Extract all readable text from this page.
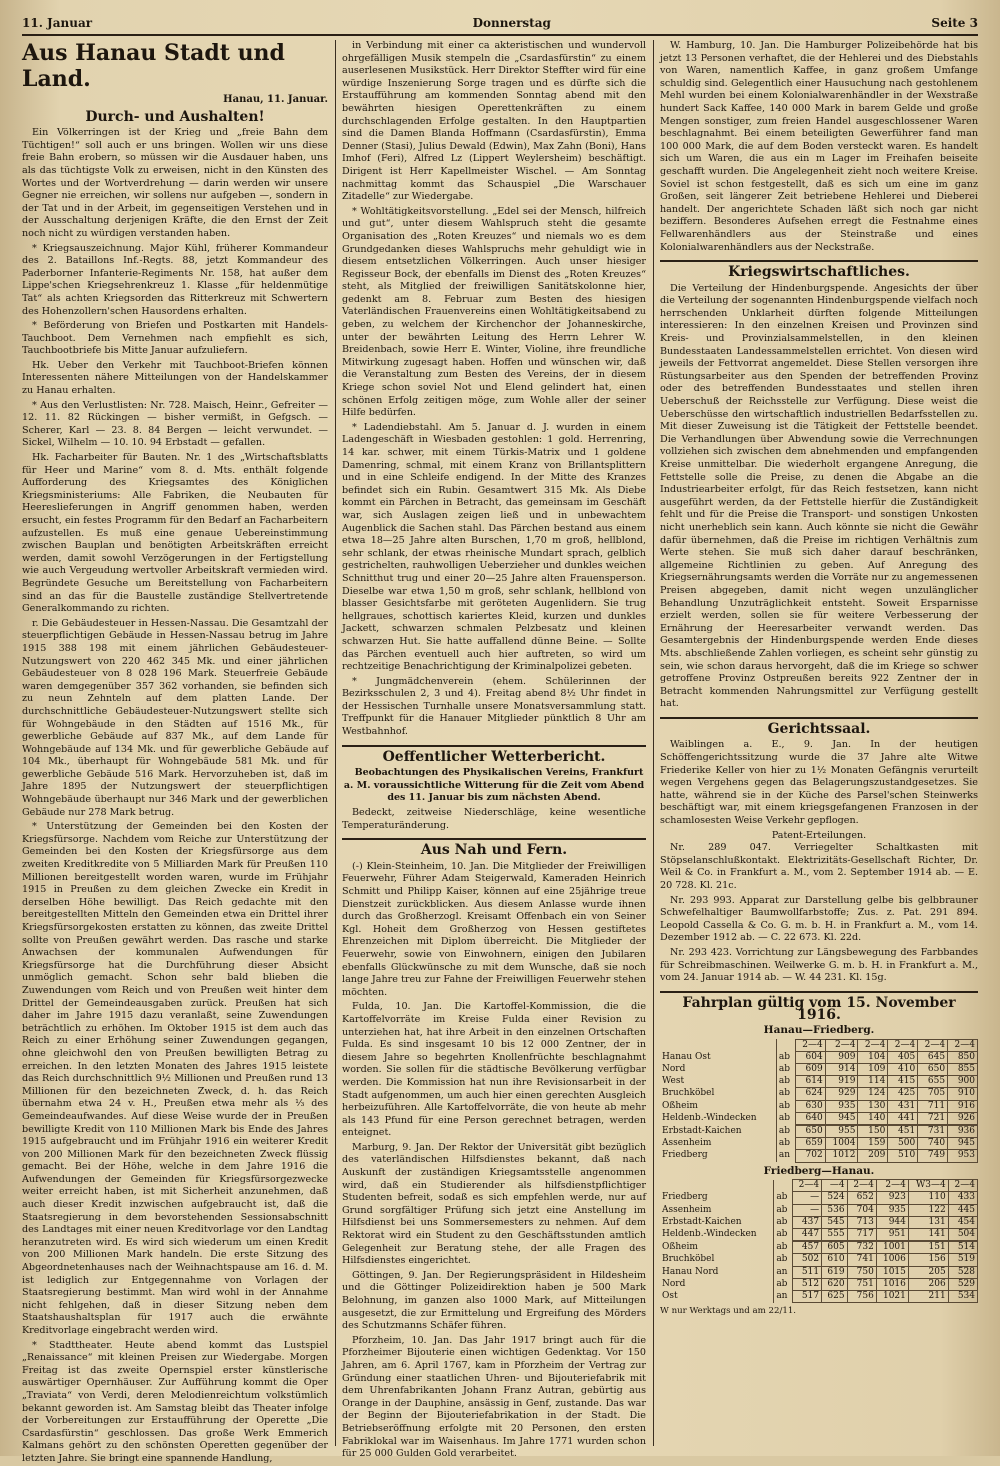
11. Januar	Donnerstag	Seite 3
Aus Hanau Stadt und Land.
Hanau, 11. Januar.
Durch- und Aushalten!

Ein Völkerringen ist der Krieg und „freie Bahn dem Tüchtigen!“ soll auch er uns bringen. Wollen wir uns diese freie Bahn erobern, so müssen wir die Ausdauer haben, uns als das tüchtigste Volk zu erweisen, nicht in den Künsten des Wortes und der Wortverdrehung — darin werden wir unsere Gegner nie erreichen, wir sollens nur aufgeben —, sondern in der Tat und in der Arbeit, im gegenseitigen Verstehen und in der Ausschaltung derjenigen Kräfte, die den Ernst der Zeit noch nicht zu würdigen verstanden haben.

* Kriegsauszeichnung. Major Kühl, früherer Kommandeur des 2. Bataillons Inf.-Regts. 88, jetzt Kommandeur des Paderborner Infanterie-Regiments Nr. 158, hat außer dem Lippe'schen Kriegsehrenkreuz 1. Klasse „für heldenmütige Tat“ als achten Kriegsorden das Ritterkreuz mit Schwertern des Hohenzollern'schen Hausordens erhalten.

* Beförderung von Briefen und Postkarten mit Handels-Tauchboot. Dem Vernehmen nach empfiehlt es sich, Tauchbootbriefe bis Mitte Januar aufzuliefern.

Hk. Ueber den Verkehr mit Tauchboot-Briefen können Interessenten nähere Mitteilungen von der Handelskammer zu Hanau erhalten.

* Aus den Verlustlisten: Nr. 728. Maisch, Heinr., Gefreiter — 12. 11. 82 Rückingen — bisher vermißt, in Gefgsch. — Scherer, Karl — 23. 8. 84 Bergen — leicht verwundet. — Sickel, Wilhelm — 10. 10. 94 Erbstadt — gefallen.

Hk. Facharbeiter für Bauten. Nr. 1 des „Wirtschaftsblatts für Heer und Marine“ vom 8. d. Mts. enthält folgende Aufforderung des Kriegsamtes des Königlichen Kriegsministeriums: Alle Fabriken, die Neubauten für Heereslieferungen in Angriff genommen haben, werden ersucht, ein festes Programm für den Bedarf an Facharbeitern aufzustellen. Es muß eine genaue Uebereinstimmung zwischen Bauplan und benötigten Arbeitskräften erreicht werden, damit sowohl Verzögerungen in der Fertigstellung wie auch Vergeudung wertvoller Arbeitskraft vermieden wird. Begründete Gesuche um Bereitstellung von Facharbeitern sind an das für die Baustelle zuständige Stellvertretende Generalkommando zu richten.

r. Die Gebäudesteuer in Hessen-Nassau. Die Gesamtzahl der steuerpflichtigen Gebäude in Hessen-Nassau betrug im Jahre 1915 388 198 mit einem jährlichen Gebäudesteuer-Nutzungswert von 220 462 345 Mk. und einer jährlichen Gebäudesteuer von 8 028 196 Mark. Steuerfreie Gebäude waren demgegenüber 357 362 vorhanden, sie befinden sich zu neun Zehnteln auf dem platten Lande. Der durchschnittliche Gebäudesteuer-Nutzungswert stellte sich für Wohngebäude in den Städten auf 1516 Mk., für gewerbliche Gebäude auf 837 Mk., auf dem Lande für Wohngebäude auf 134 Mk. und für gewerbliche Gebäude auf 104 Mk., überhaupt für Wohngebäude 581 Mk. und für gewerbliche Gebäude 516 Mark. Hervorzuheben ist, daß im Jahre 1895 der Nutzungswert der steuerpflichtigen Wohngebäude überhaupt nur 346 Mark und der gewerblichen Gebäude nur 278 Mark betrug.

* Unterstützung der Gemeinden bei den Kosten der Kriegsfürsorge. Nachdem vom Reiche zur Unterstützung der Gemeinden bei den Kosten der Kriegsfürsorge aus dem zweiten Kreditkredite von 5 Milliarden Mark für Preußen 110 Millionen bereitgestellt worden waren, wurde im Frühjahr 1915 in Preußen zu dem gleichen Zwecke ein Kredit in derselben Höhe bewilligt. Das Reich gedachte mit den bereitgestellten Mitteln den Gemeinden etwa ein Drittel ihrer Kriegsfürsorgekosten erstatten zu können, das zweite Drittel sollte von Preußen gewährt werden. Das rasche und starke Anwachsen der kommunalen Aufwendungen für Kriegsfürsorge hat die Durchführung dieser Absicht unmöglich gemacht. Schon sehr bald blieben die Zuwendungen vom Reich und von Preußen weit hinter dem Drittel der Gemeindeausgaben zurück. Preußen hat sich daher im Jahre 1915 dazu veranlaßt, seine Zuwendungen beträchtlich zu erhöhen. Im Oktober 1915 ist dem auch das Reich zu einer Erhöhung seiner Zuwendungen gegangen, ohne gleichwohl den von Preußen bewilligten Betrag zu erreichen. In den letzten Monaten des Jahres 1915 leistete das Reich durchschnittlich 9½ Millionen und Preußen rund 13 Millionen für den bezeichneten Zweck, d. h. das Reich übernahm etwa 24 v. H., Preußen etwa mehr als ⅓ des Gemeindeaufwandes. Auf diese Weise wurde der in Preußen bewilligte Kredit von 110 Millionen Mark bis Ende des Jahres 1915 aufgebraucht und im Frühjahr 1916 ein weiterer Kredit von 200 Millionen Mark für den bezeichneten Zweck flüssig gemacht. Bei der Höhe, welche in dem Jahre 1916 die Aufwendungen der Gemeinden für Kriegsfürsorgezwecke weiter erreicht haben, ist mit Sicherheit anzunehmen, daß auch dieser Kredit inzwischen aufgebraucht ist, daß die Staatsregierung in dem bevorstehenden Sessionsabschnitt des Landtages mit einer neuen Kreditvorlage vor den Landtag heranzutreten wird. Es wird sich wiederum um einen Kredit von 200 Millionen Mark handeln. Die erste Sitzung des Abgeordnetenhauses nach der Weihnachtspause am 16. d. M. ist lediglich zur Entgegennahme von Vorlagen der Staatsregierung bestimmt. Man wird wohl in der Annahme nicht fehlgehen, daß in dieser Sitzung neben dem Staatshaushaltsplan für 1917 auch die erwähnte Kreditvorlage eingebracht werden wird.

* Stadttheater. Heute abend kommt das Lustspiel „Renaissance“ mit kleinen Preisen zur Wiedergabe. Morgen Freitag ist das zweite Opernspiel erster künstlerische auswärtiger Opernhäuser. Zur Aufführung kommt die Oper „Traviata“ von Verdi, deren Melodienreichtum volkstümlich bekannt geworden ist. Am Samstag bleibt das Theater infolge der Vorbereitungen zur Erstaufführung der Operette „Die Csardasfürstin“ geschlossen. Das große Werk Emmerich Kalmans gehört zu den schönsten Operetten gegenüber der letzten Jahre. Sie bringt eine spannende Handlung,

in Verbindung mit einer ca akteristischen und wundervoll ohrgefälligen Musik stempeln die „Csardasfürstin“ zu einem auserlesenen Musikstück. Herr Direktor Steffter wird für eine würdige Inszenierung Sorge tragen und es dürfte sich die Erstaufführung am kommenden Sonntag abend mit den bewährten hiesigen Operettenkräften zu einem durchschlagenden Erfolge gestalten. In den Hauptpartien sind die Damen Blanda Hoffmann (Csardasfürstin), Emma Denner (Stasi), Julius Dewald (Edwin), Max Zahn (Boni), Hans Imhof (Feri), Alfred Lz (Lippert Weylersheim) beschäftigt. Dirigent ist Herr Kapellmeister Wischel. — Am Sonntag nachmittag kommt das Schauspiel „Die Warschauer Zitadelle“ zur Wiedergabe.

* Wohltätigkeitsvorstellung. „Edel sei der Mensch, hilfreich und gut“, unter diesem Wahlspruch steht die gesamte Organisation des „Roten Kreuzes“ und niemals wo es dem Grundgedanken dieses Wahlspruchs mehr gehuldigt wie in diesem entsetzlichen Völkerringen. Auch unser hiesiger Regisseur Bock, der ebenfalls im Dienst des „Roten Kreuzes“ steht, als Mitglied der freiwilligen Sanitätskolonne hier, gedenkt am 8. Februar zum Besten des hiesigen Vaterländischen Frauenvereins einen Wohltätigkeitsabend zu geben, zu welchem der Kirchenchor der Johanneskirche, unter der bewährten Leitung des Herrn Lehrer W. Breidenbach, sowie Herr E. Winter, Violine, ihre freundliche Mitwirkung zugesagt haben. Hoffen und wünschen wir, daß die Veranstaltung zum Besten des Vereins, der in diesem Kriege schon soviel Not und Elend gelindert hat, einen schönen Erfolg zeitigen möge, zum Wohle aller der seiner Hilfe bedürfen.

* Ladendiebstahl. Am 5. Januar d. J. wurden in einem Ladengeschäft in Wiesbaden gestohlen: 1 gold. Herrenring, 14 kar. schwer, mit einem Türkis-Matrix und 1 goldene Damenring, schmal, mit einem Kranz von Brillantsplittern und in eine Schleife endigend. In der Mitte des Kranzes befindet sich ein Rubin. Gesamtwert 315 Mk. Als Diebe kommt ein Pärchen in Betracht, das gemeinsam im Geschäft war, sich Auslagen zeigen ließ und in unbewachtem Augenblick die Sachen stahl. Das Pärchen bestand aus einem etwa 18—25 Jahre alten Burschen, 1,70 m groß, hellblond, sehr schlank, der etwas rheinische Mundart sprach, gelblich gestrichelten, rauhwolligen Ueberzieher und dunkles weichen Schnitthut trug und einer 20—25 Jahre alten Frauensperson. Dieselbe war etwa 1,50 m groß, sehr schlank, hellblond von blasser Gesichtsfarbe mit geröteten Augenlidern. Sie trug hellgraues, schottisch kariertes Kleid, kurzen und dunkles Jackett, schwarzen schmalen Pelzbesatz und kleinen schwarzen Hut. Sie hatte auffallend dünne Beine. — Sollte das Pärchen eventuell auch hier auftreten, so wird um rechtzeitige Benachrichtigung der Kriminalpolizei gebeten.

* Jungmädchenverein (ehem. Schülerinnen der Bezirksschulen 2, 3 und 4). Freitag abend 8½ Uhr findet in der Hessischen Turnhalle unsere Monatsversammlung statt. Treffpunkt für die Hanauer Mitglieder pünktlich 8 Uhr am Westbahnhof.

Oeffentlicher Wetterbericht.

Beobachtungen des Physikalischen Vereins, Frankfurt a. M. voraussichtliche Witterung für die Zeit vom Abend des 11. Januar bis zum nächsten Abend.

Bedeckt, zeitweise Niederschläge, keine wesentliche Temperaturänderung.

Aus Nah und Fern.

(-) Klein-Steinheim, 10. Jan. Die Mitglieder der Freiwilligen Feuerwehr, Führer Adam Steigerwald, Kameraden Heinrich Schmitt und Philipp Kaiser, können auf eine 25jährige treue Dienstzeit zurückblicken. Aus diesem Anlasse wurde ihnen durch das Großherzogl. Kreisamt Offenbach ein von Seiner Kgl. Hoheit dem Großherzog von Hessen gestiftetes Ehrenzeichen mit Diplom überreicht. Die Mitglieder der Feuerwehr, sowie von Einwohnern, einigen den Jubilaren ebenfalls Glückwünsche zu mit dem Wunsche, daß sie noch lange Jahre treu zur Fahne der Freiwilligen Feuerwehr stehen möchten.

Fulda, 10. Jan. Die Kartoffel-Kommission, die die Kartoffelvorräte im Kreise Fulda einer Revision zu unterziehen hat, hat ihre Arbeit in den einzelnen Ortschaften Fulda. Es sind insgesamt 10 bis 12 000 Zentner, der in diesem Jahre so begehrten Knollenfrüchte beschlagnahmt worden. Sie sollen für die städtische Bevölkerung verfügbar werden. Die Kommission hat nun ihre Revisionsarbeit in der Stadt aufgenommen, um auch hier einen gerechten Ausgleich herbeizuführen. Alle Kartoffelvorräte, die von heute ab mehr als 143 Pfund für eine Person gerechnet betragen, werden enteignet.

Marburg, 9. Jan. Der Rektor der Universität gibt bezüglich des vaterländischen Hilfsdienstes bekannt, daß nach Auskunft der zuständigen Kriegsamtsstelle angenommen wird, daß ein Studierender als hilfsdienstpflichtiger Studenten befreit, sodaß es sich empfehlen werde, nur auf Grund sorgfältiger Prüfung sich jetzt eine Anstellung im Hilfsdienst bei uns Sommersemesters zu nehmen. Auf dem Rektorat wird ein Student zu den Geschäftsstunden amtlich Gelegenheit zur Beratung stehe, der alle Fragen des Hilfsdienstes eingerichtet.

Göttingen, 9. Jan. Der Regierungspräsident in Hildesheim und die Göttinger Polizeidirektion haben je 500 Mark Belohnung, im ganzen also 1000 Mark, auf Mitteilungen ausgesetzt, die zur Ermittelung und Ergreifung des Mörders des Schutzmanns Schäfer führen.

Pforzheim, 10. Jan. Das Jahr 1917 bringt auch für die Pforzheimer Bijouterie einen wichtigen Gedenktag. Vor 150 Jahren, am 6. April 1767, kam in Pforzheim der Vertrag zur Gründung einer staatlichen Uhren- und Bijouteriefabrik mit dem Uhrenfabrikanten Johann Franz Autran, gebürtig aus Orange in der Dauphine, ansässig in Genf, zustande. Das war der Beginn der Bijouteriefabrikation in der Stadt. Die Betriebseröffnung erfolgte mit 20 Personen, den ersten Fabriklokal war im Waisenhaus. Im Jahre 1771 wurden schon für 25 000 Gulden Gold verarbeitet.

W. Hamburg, 10. Jan. Die Hamburger Polizeibehörde hat bis jetzt 13 Personen verhaftet, die der Hehlerei und des Diebstahls von Waren, namentlich Kaffee, in ganz großem Umfange schuldig sind. Gelegentlich einer Hausuchung nach gestohlenem Mehl wurden bei einem Kolonialwarenhändler in der Wexstraße hundert Sack Kaffee, 140 000 Mark in barem Gelde und große Mengen sonstiger, zum freien Handel ausgeschlossener Waren beschlagnahmt. Bei einem beteiligten Gewerführer fand man 100 000 Mark, die auf dem Boden versteckt waren. Es handelt sich um Waren, die aus ein m Lager im Freihafen beiseite geschafft wurden. Die Angelegenheit zieht noch weitere Kreise. Soviel ist schon festgestellt, daß es sich um eine im ganz Großen, seit längerer Zeit betriebene Hehlerei und Dieberei handelt. Der angerichtete Schaden läßt sich noch gar nicht beziffern. Besonderes Aufsehen erregt die Festnahme eines Fellwarenhändlers aus der Steinstraße und eines Kolonialwarenhändlers aus der Neckstraße.

Kriegswirtschaftliches.

Die Verteilung der Hindenburgspende. Angesichts der über die Verteilung der sogenannten Hindenburgspende vielfach noch herrschenden Unklarheit dürften folgende Mitteilungen interessieren: In den einzelnen Kreisen und Provinzen sind Kreis- und Provinzialsammelstellen, in den kleinen Bundesstaaten Landessammelstellen errichtet. Von diesen wird jeweils der Fettvorrat angemeldet. Diese Stellen versorgen ihre Rüstungsarbeiter aus den Spenden der betreffenden Provinz oder des betreffenden Bundesstaates und stellen ihren Ueberschuß der Reichsstelle zur Verfügung. Diese weist die Ueberschüsse den wirtschaftlich industriellen Bedarfsstellen zu. Mit dieser Zuweisung ist die Tätigkeit der Fettstelle beendet. Die Verhandlungen über Abwendung sowie die Verrechnungen vollziehen sich zwischen dem abnehmenden und empfangenden Kreise unmittelbar. Die wiederholt ergangene Anregung, die Fettstelle solle die Preise, zu denen die Abgabe an die Industriearbeiter erfolgt, für das Reich festsetzen, kann nicht ausgeführt werden, da der Fettstelle hierfür die Zuständigkeit fehlt und für die Preise die Transport- und sonstigen Unkosten nicht unerheblich sein kann. Auch könnte sie nicht die Gewähr dafür übernehmen, daß die Preise im richtigen Verhältnis zum Werte stehen. Sie muß sich daher darauf beschränken, allgemeine Richtlinien zu geben. Auf Anregung des Kriegsernährungsamts werden die Vorräte nur zu angemessenen Preisen abgegeben, damit nicht wegen unzulänglicher Behandlung Unzuträglichkeit entsteht. Soweit Ersparnisse erzielt werden, sollen sie für weitere Verbesserung der Ernährung der Heeresarbeiter verwandt werden. Das Gesamtergebnis der Hindenburgspende werden Ende dieses Mts. abschließende Zahlen vorliegen, es scheint sehr günstig zu sein, wie schon daraus hervorgeht, daß die im Kriege so schwer getroffene Provinz Ostpreußen bereits 922 Zentner der in Betracht kommenden Nahrungsmittel zur Verfügung gestellt hat.

Gerichtssaal.

Waiblingen a. E., 9. Jan. In der heutigen Schöffengerichtssitzung wurde die 37 Jahre alte Witwe Friederike Keller von hier zu 1½ Monaten Gefängnis verurteilt wegen Vergehens gegen das Belagerungszustandgesetzes. Sie hatte, während sie in der Küche des Parsel'schen Steinwerks beschäftigt war, mit einem kriegsgefangenen Franzosen in der schamlosesten Weise Verkehr gepflogen.

Patent-Erteilungen.

Nr. 289 047. Verriegelter Schaltkasten mit Stöpselanschlußkontakt. Elektrizitäts-Gesellschaft Richter, Dr. Weil & Co. in Frankfurt a. M., vom 2. September 1914 ab. — E. 20 728. Kl. 21c.

Nr. 293 993. Apparat zur Darstellung gelbe bis gelbbrauner Schwefelhaltiger Baumwollfarbstoffe; Zus. z. Pat. 291 894. Leopold Cassella & Co. G. m. b. H. in Frankfurt a. M., vom 14. Dezember 1912 ab. — C. 22 673. Kl. 22d.

Nr. 293 423. Vorrichtung zur Längsbewegung des Farbbandes für Schreibmaschinen. Weilwerke G. m. b. H. in Frankfurt a. M., vom 24. Januar 1914 ab. — W. 44 231. Kl. 15g.

Fahrplan gültig vom 15. November 1916.
Hanau—Friedberg.
		2—4	2—4	2—4	2—4	2—4	2—4
Hanau Ost	ab	604	909	104	405	645	850
Nord	ab	609	914	109	410	650	855
West	ab	614	919	114	415	655	900
Bruchköbel	ab	624	929	124	425	705	910
Oßheim	ab	630	935	130	431	711	916
Heldenb.-Windecken	ab	640	945	140	441	721	926

Erbstadt-Kaichen	ab	650	955	150	451	731	936
Assenheim	ab	659	1004	159	500	740	945
Friedberg	an	702	1012	209	510	749	953
Friedberg—Hanau.
		2—4	—4	2—4	2—4	W3—4	2—4
Friedberg	ab	—	524	652	923	110	433
Assenheim	ab	—	536	704	935	122	445
Erbstadt-Kaichen	ab	437	545	713	944	131	454
Heldenb.-Windecken	ab	447	555	717	951	141	504

Oßheim	ab	457	605	732	1001	151	514
Bruchköbel	ab	502	610	741	1006	156	519
Hanau Nord	an	511	619	750	1015	205	528
Nord	ab	512	620	751	1016	206	529
Ost	an	517	625	756	1021	211	534
W nur Werktags und am 22/11.
